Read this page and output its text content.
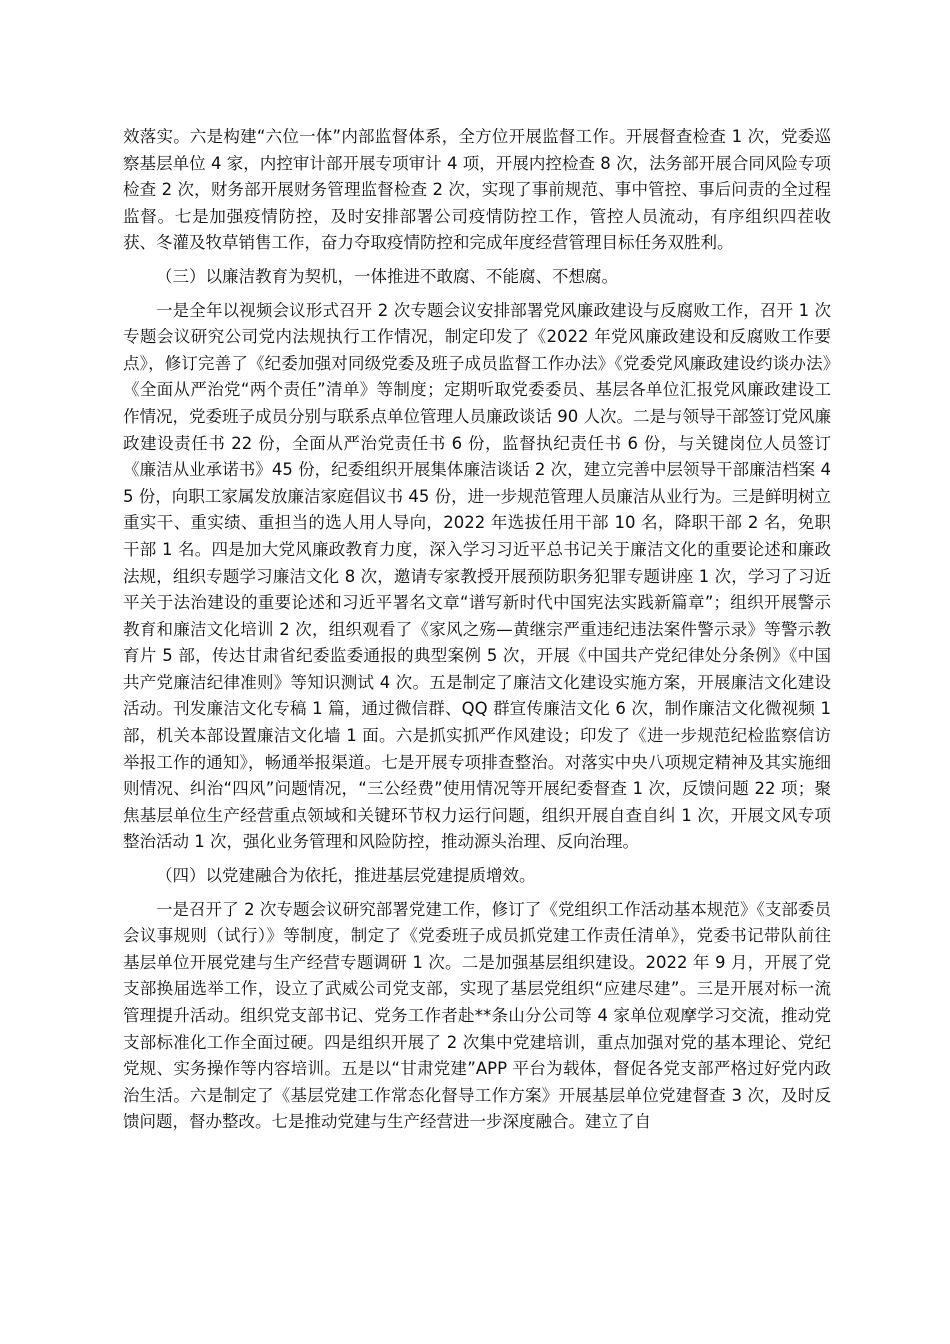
效落实。六是构建“六位一体”内部监督体系，全方位开展监督工作。开展督查检查 1 次，党委巡察基层单位 4 家，内控审计部开展专项审计 4 项，开展内控检查 8 次，法务部开展合同风险专项检查 2 次，财务部开展财务管理监督检查 2 次，实现了事前规范、事中管控、事后问责的全过程监督。七是加强疫情防控，及时安排部署公司疫情防控工作，管控人员流动，有序组织四茬收获、冬灌及牧草销售工作，奋力夺取疫情防控和完成年度经营管理目标任务双胜利。

（三）以廉洁教育为契机，一体推进不敢腐、不能腐、不想腐。

一是全年以视频会议形式召开 2 次专题会议安排部署党风廉政建设与反腐败工作，召开 1 次专题会议研究公司党内法规执行工作情况，制定印发了《2022 年党风廉政建设和反腐败工作要点》，修订完善了《纪委加强对同级党委及班子成员监督工作办法》《党委党风廉政建设约谈办法》《全面从严治党“两个责任”清单》等制度；定期听取党委委员、基层各单位汇报党风廉政建设工作情况，党委班子成员分别与联系点单位管理人员廉政谈话 90 人次。二是与领导干部签订党风廉政建设责任书 22 份，全面从严治党责任书 6 份，监督执纪责任书 6 份，与关键岗位人员签订《廉洁从业承诺书》45 份，纪委组织开展集体廉洁谈话 2 次，建立完善中层领导干部廉洁档案 45 份，向职工家属发放廉洁家庭倡议书 45 份，进一步规范管理人员廉洁从业行为。三是鲜明树立重实干、重实绩、重担当的选人用人导向，2022 年选拔任用干部 10 名，降职干部 2 名，免职干部 1 名。四是加大党风廉政教育力度，深入学习习近平总书记关于廉洁文化的重要论述和廉政法规，组织专题学习廉洁文化 8 次，邀请专家教授开展预防职务犯罪专题讲座 1 次，学习了习近平关于法治建设的重要论述和习近平署名文章“谱写新时代中国宪法实践新篇章”；组织开展警示教育和廉洁文化培训 2 次，组织观看了《家风之殇—黄继宗严重违纪违法案件警示录》等警示教育片 5 部，传达甘肃省纪委监委通报的典型案例 5 次，开展《中国共产党纪律处分条例》《中国共产党廉洁纪律准则》等知识测试 4 次。五是制定了廉洁文化建设实施方案，开展廉洁文化建设活动。刊发廉洁文化专稿 1 篇，通过微信群、QQ 群宣传廉洁文化 6 次，制作廉洁文化微视频 1 部，机关本部设置廉洁文化墙 1 面。六是抓实抓严作风建设；印发了《进一步规范纪检监察信访举报工作的通知》，畅通举报渠道。七是开展专项排查整治。对落实中央八项规定精神及其实施细则情况、纠治“四风”问题情况，“三公经费”使用情况等开展纪委督查 1 次，反馈问题 22 项；聚焦基层单位生产经营重点领域和关键环节权力运行问题，组织开展自查自纠 1 次，开展文风专项整治活动 1 次，强化业务管理和风险防控，推动源头治理、反向治理。

（四）以党建融合为依托，推进基层党建提质增效。

一是召开了 2 次专题会议研究部署党建工作，修订了《党组织工作活动基本规范》《支部委员会议事规则（试行）》等制度，制定了《党委班子成员抓党建工作责任清单》，党委书记带队前往基层单位开展党建与生产经营专题调研 1 次。二是加强基层组织建设。2022 年 9 月，开展了党支部换届选举工作，设立了武威公司党支部，实现了基层党组织“应建尽建”。三是开展对标一流管理提升活动。组织党支部书记、党务工作者赴**条山分公司等 4 家单位观摩学习交流，推动党支部标准化工作全面过硬。四是组织开展了 2 次集中党建培训，重点加强对党的基本理论、党纪党规、实务操作等内容培训。五是以“甘肃党建”APP 平台为载体，督促各党支部严格过好党内政治生活。六是制定了《基层党建工作常态化督导工作方案》开展基层单位党建督查 3 次，及时反馈问题，督办整改。七是推动党建与生产经营进一步深度融合。建立了自
